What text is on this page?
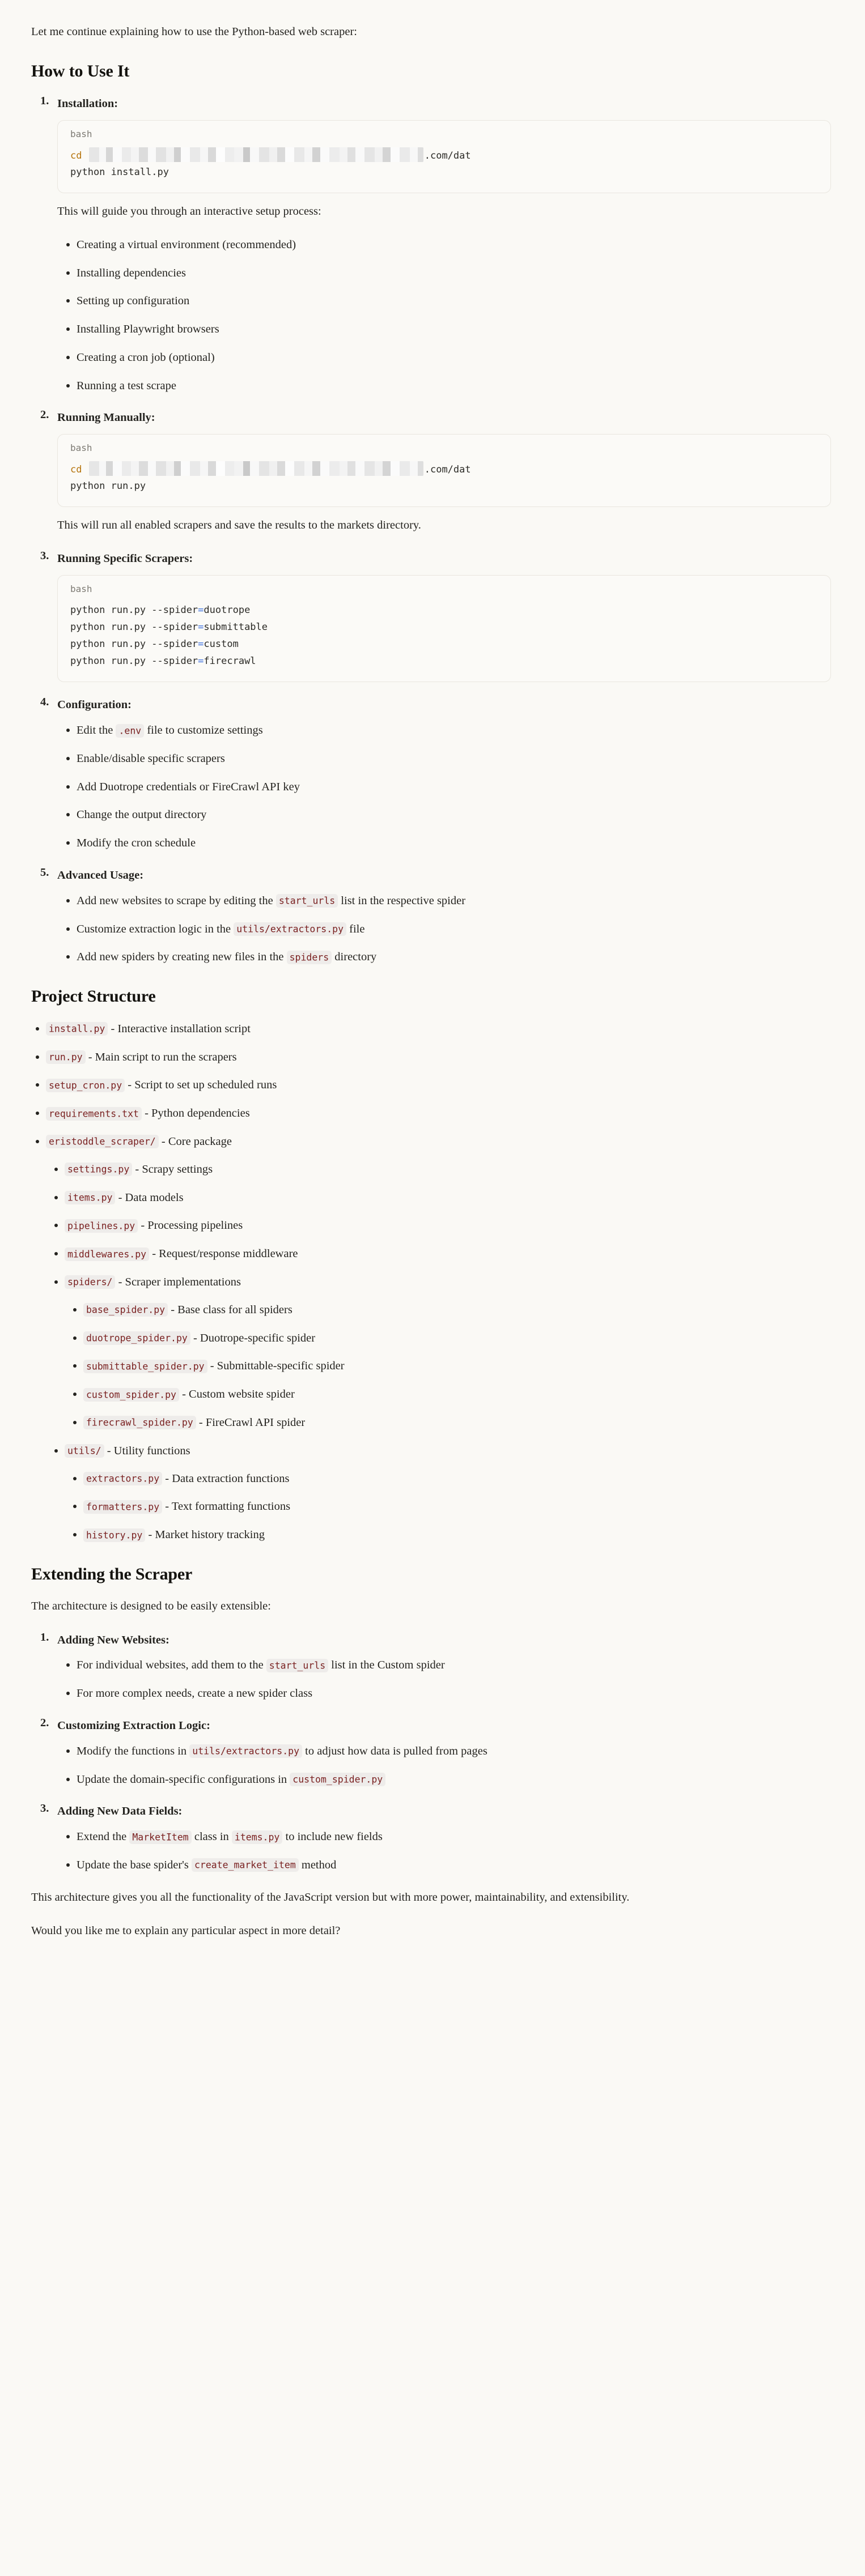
Let me continue explaining how to use the Python-based web scraper:

How to Use It
Installation:
bash
cd	.com/dat
python install.py

This will guide you through an interactive setup process:

Creating a virtual environment (recommended)
Installing dependencies
Setting up configuration
Installing Playwright browsers
Creating a cron job (optional)
Running a test scrape
Running Manually:
bash
cd	.com/dat
python run.py

This will run all enabled scrapers and save the results to the markets directory.

Running Specific Scrapers:
bash
python run.py --spider=duotrope
python run.py --spider=submittable
python run.py --spider=custom
python run.py --spider=firecrawl
Configuration:
Edit the .env file to customize settings
Enable/disable specific scrapers
Add Duotrope credentials or FireCrawl API key
Change the output directory
Modify the cron schedule
Advanced Usage:
Add new websites to scrape by editing the start_urls list in the respective spider
Customize extraction logic in the utils/extractors.py file
Add new spiders by creating new files in the spiders directory
Project Structure
install.py - Interactive installation script
run.py - Main script to run the scrapers
setup_cron.py - Script to set up scheduled runs
requirements.txt - Python dependencies
eristoddle_scraper/ - Core package
settings.py - Scrapy settings
items.py - Data models
pipelines.py - Processing pipelines
middlewares.py - Request/response middleware
spiders/ - Scraper implementations
base_spider.py - Base class for all spiders
duotrope_spider.py - Duotrope-specific spider
submittable_spider.py - Submittable-specific spider
custom_spider.py - Custom website spider
firecrawl_spider.py - FireCrawl API spider
utils/ - Utility functions
extractors.py - Data extraction functions
formatters.py - Text formatting functions
history.py - Market history tracking
Extending the Scraper

The architecture is designed to be easily extensible:

Adding New Websites:
For individual websites, add them to the start_urls list in the Custom spider
For more complex needs, create a new spider class
Customizing Extraction Logic:
Modify the functions in utils/extractors.py to adjust how data is pulled from pages
Update the domain-specific configurations in custom_spider.py
Adding New Data Fields:
Extend the MarketItem class in items.py to include new fields
Update the base spider's create_market_item method

This architecture gives you all the functionality of the JavaScript version but with more power, maintainability, and extensibility.

Would you like me to explain any particular aspect in more detail?
